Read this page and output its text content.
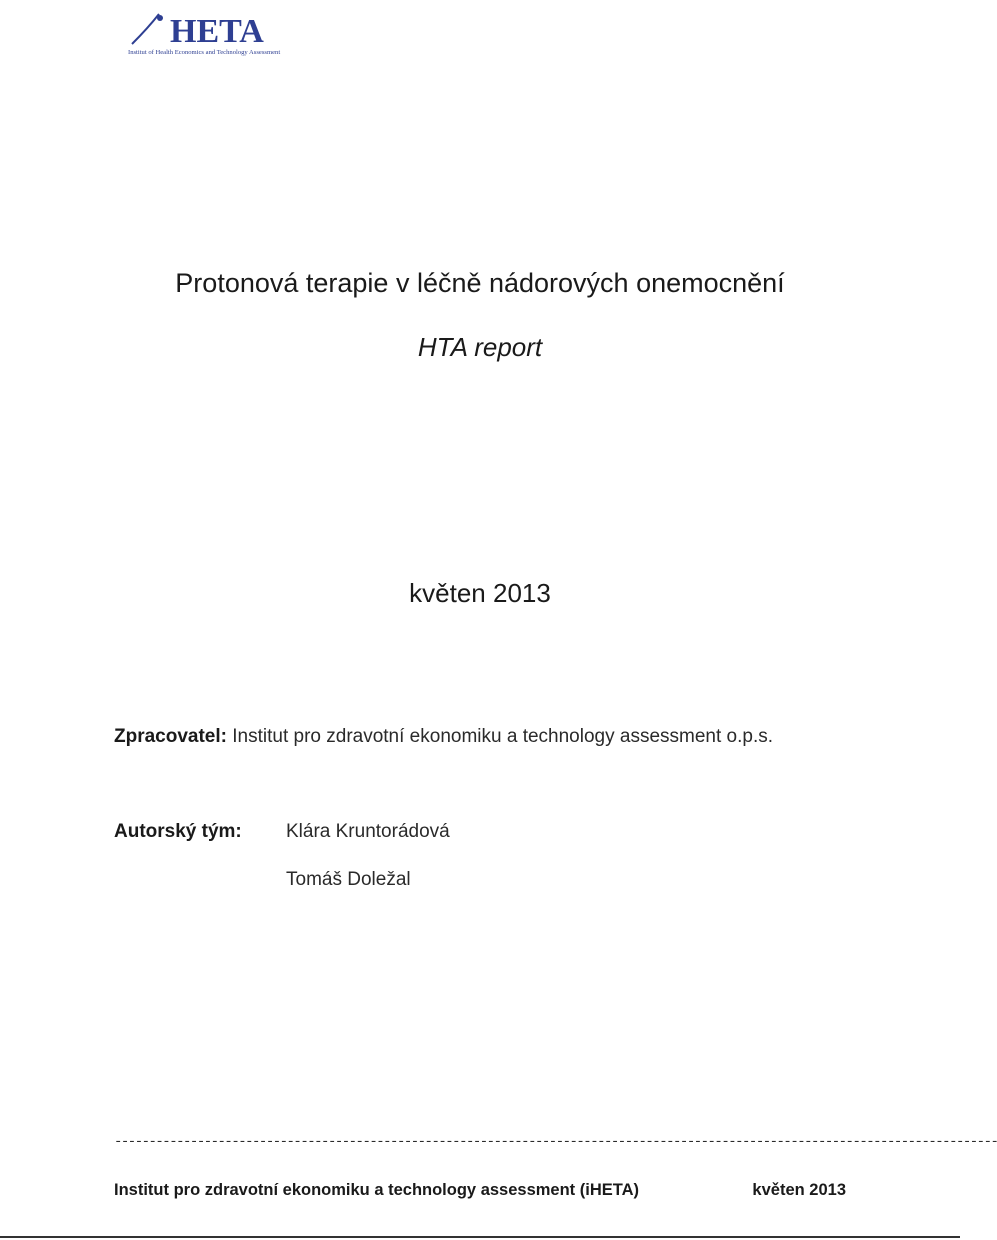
HETA
Institut of Health Economics and Technology Assessment
Protonová terapie v léčně nádorových onemocnění
HTA report
květen 2013
Zpracovatel: Institut pro zdravotní ekonomiku a technology assessment o.p.s.
Autorský tým: Klára Kruntorádová
Tomáš Doležal
--------------------------------------------------------------------------------------------------------------------------------
Institut pro zdravotní ekonomiku a technology assessment (iHETA)	květen 2013
